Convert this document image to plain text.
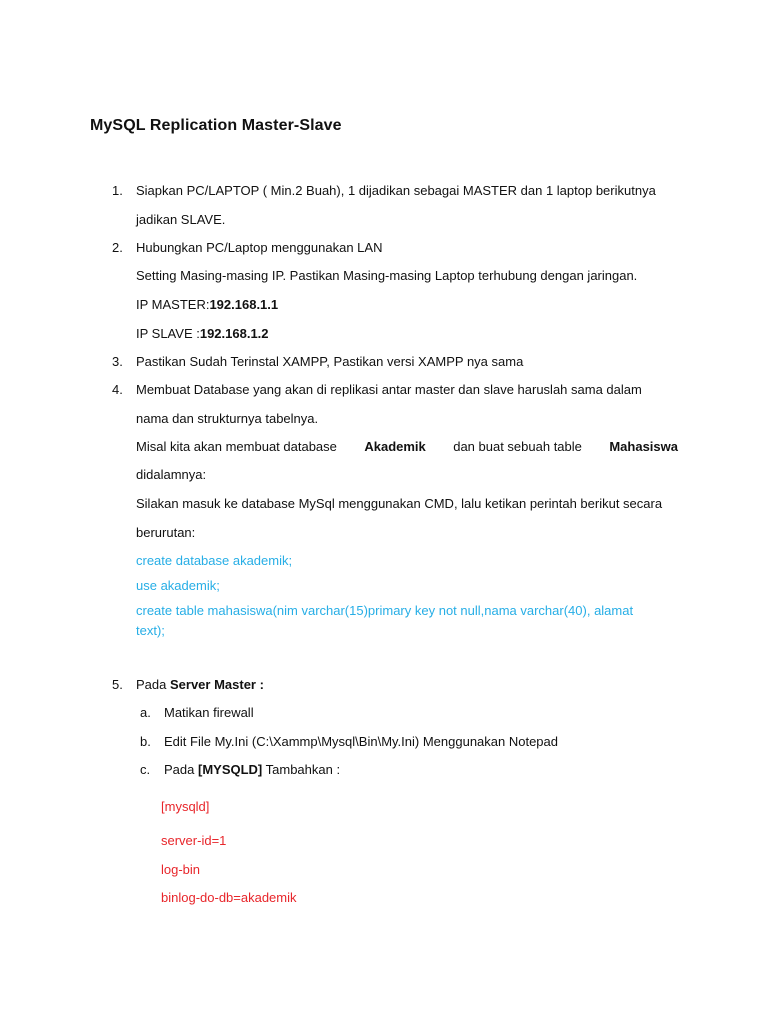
MySQL Replication Master-Slave
1. Siapkan PC/LAPTOP ( Min.2 Buah), 1 dijadikan sebagai MASTER dan 1 laptop berikutnya
jadikan SLAVE.
2. Hubungkan PC/Laptop menggunakan LAN
Setting Masing-masing IP. Pastikan Masing-masing Laptop terhubung dengan jaringan.
IP MASTER:192.168.1.1
IP SLAVE :192.168.1.2
3. Pastikan Sudah Terinstal XAMPP, Pastikan versi XAMPP nya sama
4. Membuat Database yang akan di replikasi antar master dan slave haruslah sama dalam
nama dan strukturnya tabelnya.
Misal kita akan membuat database Akademik dan buat sebuah table Mahasiswa
didalamnya:
Silakan masuk ke database MySql menggunakan CMD, lalu ketikan perintah berikut secara
berurutan:
create database akademik;
use akademik;
create table mahasiswa(nim varchar(15)primary key not null,nama varchar(40), alamat
text);
5. Pada Server Master :
a. Matikan firewall
b. Edit File My.Ini (C:\Xammp\Mysql\Bin\My.Ini) Menggunakan Notepad
c. Pada [MYSQLD] Tambahkan :
[mysqld]
server-id=1
log-bin
binlog-do-db=akademik
